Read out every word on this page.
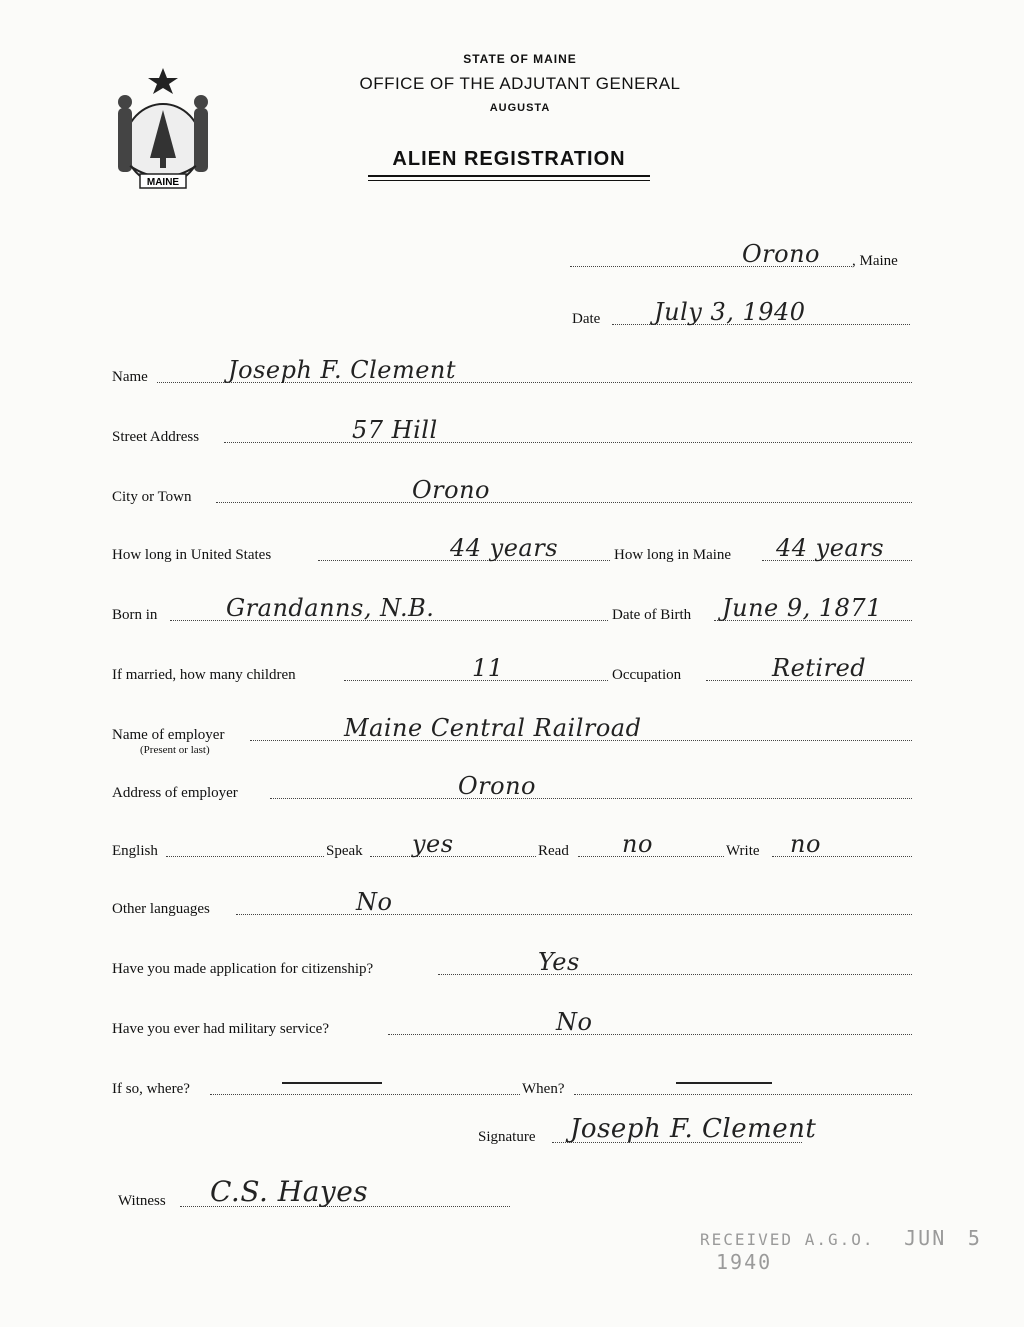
MAINE
STATE OF MAINE
OFFICE OF THE ADJUTANT GENERAL
AUGUSTA
ALIEN REGISTRATION
Orono , Maine
Date July 3, 1940
Name	Joseph F. Clement
Street Address	57 Hill
City or Town	Orono
How long in United States	44 years	How long in Maine 44 years
Born in	Grandanns, N.B.	Date of Birth June 9, 1871
If married, how many children	11	Occupation	Retired
Name of employer	Maine Central Railroad
(Present or last)
Address of employer	Orono
English	Speak yes	Read no	Write no
Other languages	No
Have you made application for citizenship?	Yes
Have you ever had military service?	No
If so, where?	When?
Signature Joseph F. Clement
Witness C.S. Hayes
RECEIVED A.G.O. JUN 5 1940
